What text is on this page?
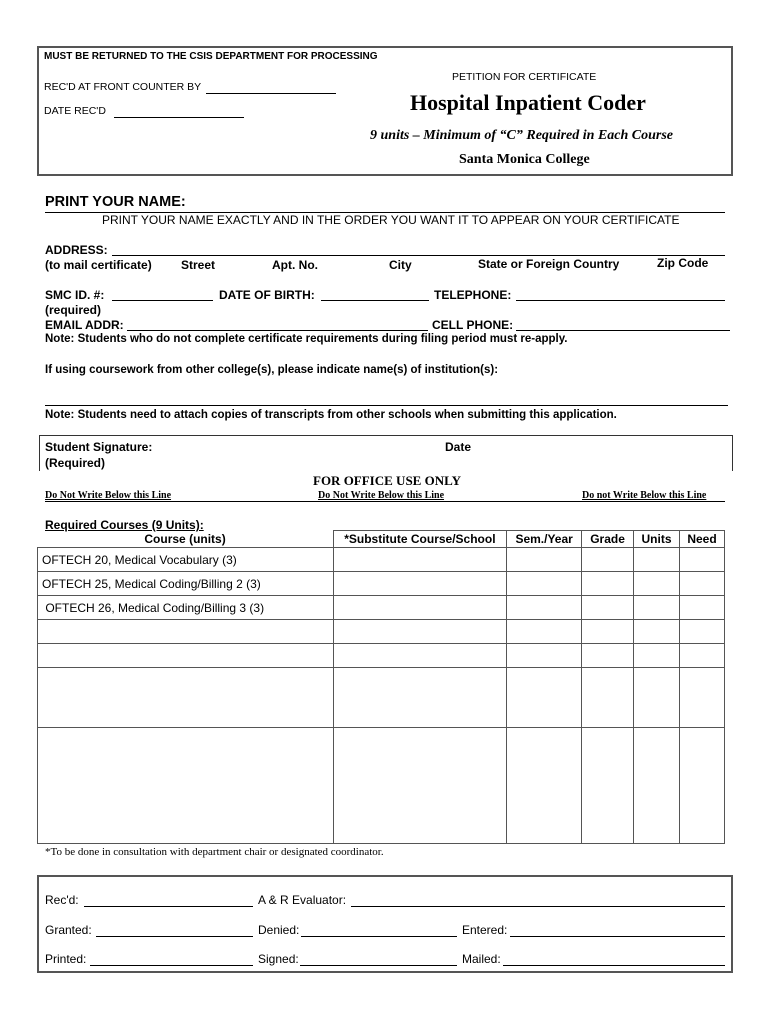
MUST BE RETURNED TO THE CSIS DEPARTMENT FOR PROCESSING
REC'D AT FRONT COUNTER BY
DATE REC'D
PETITION FOR CERTIFICATE
Hospital Inpatient Coder
9 units – Minimum of “C” Required in Each Course
Santa Monica College
PRINT YOUR NAME:
PRINT YOUR NAME EXACTLY AND IN THE ORDER YOU WANT IT TO APPEAR ON YOUR CERTIFICATE
ADDRESS:
(to mail certificate) Street	Apt. No.	City	State or Foreign Country	Zip Code
SMC ID. #:	DATE OF BIRTH:	TELEPHONE:
(required)
EMAIL ADDR:	CELL PHONE:
Note: Students who do not complete certificate requirements during filing period must re-apply.
If using coursework from other college(s), please indicate name(s) of institution(s):
Note: Students need to attach copies of transcripts from other schools when submitting this application.
Student Signature:
(Required)
Date
FOR OFFICE USE ONLY
Do Not Write Below this Line	Do Not Write Below this Line	Do not Write Below this Line
Required Courses (9 Units):
Course (units)	*Substitute Course/School	Sem./Year	Grade	Units	Need
OFTECH 20, Medical Vocabulary (3)					
OFTECH 25, Medical Coding/Billing 2 (3)					
OFTECH 26, Medical Coding/Billing 3 (3)					

*To be done in consultation with department chair or designated coordinator.
Rec'd:	A & R Evaluator:
Granted:	Denied:	Entered:
Printed:	Signed:	Mailed:
